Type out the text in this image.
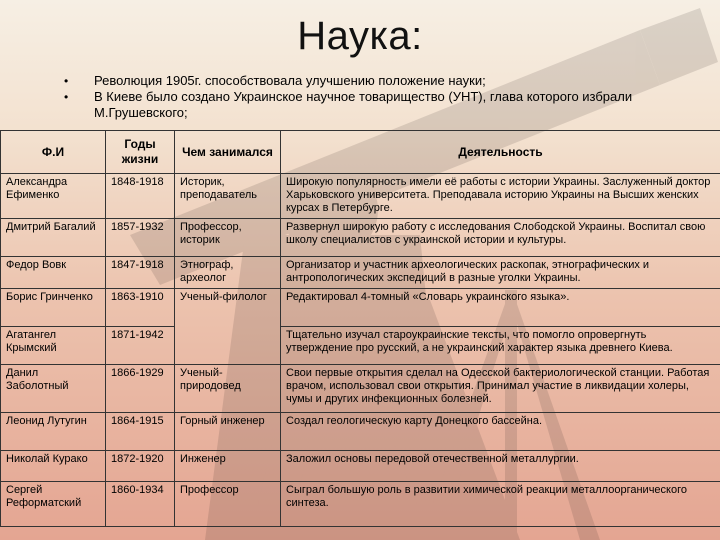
Наука:
• Революция 1905г. способствовала улучшению положение науки;
• В Киеве было создано Украинское научное товарищество (УНТ), глава которого избрали М.Грушевского;
Ф.И	Годы жизни	Чем занимался	Деятельность
Александра Ефименко	1848-1918	Историк, преподаватель	Широкую популярность имели её работы с истории Украины. Заслуженный доктор Харьковского университета. Преподавала историю Украины на Высших женских курсах в Петербурге.
Дмитрий Багалий	1857-1932	Профессор, историк	Развернул широкую работу с исследования Слободской Украины. Воспитал свою школу специалистов с украинской истории и культуры.
Федор Вовк	1847-1918	Этнограф, археолог	Организатор и участник археологических раскопак, этнографических и антропологических экспедиций в разные уголки Украины.
Борис Гринченко	1863-1910	Ученый-филолог	Редактировал 4-томный «Словарь украинского языка».
Агатангел Крымский	1871-1942		Тщательно изучал староукраинские тексты, что помогло опровергнуть утверждение про русский, а не украинский характер языка древнего Киева.
Данил Заболотный	1866-1929	Ученый-природовед	Свои первые открытия сделал на Одесской бактериологической станции. Работая врачом, использовал свои открытия. Принимал участие в ликвидации холеры, чумы и других инфекционных болезней.
Леонид Лутугин	1864-1915	Горный инженер	Создал геологическую карту Донецкого бассейна.
Николай Курако	1872-1920	Инженер	Заложил основы передовой отечественной металлургии.
Сергей Реформатский	1860-1934	Профессор	Сыграл большую роль в развитии химической реакции металлоорганического синтеза.
